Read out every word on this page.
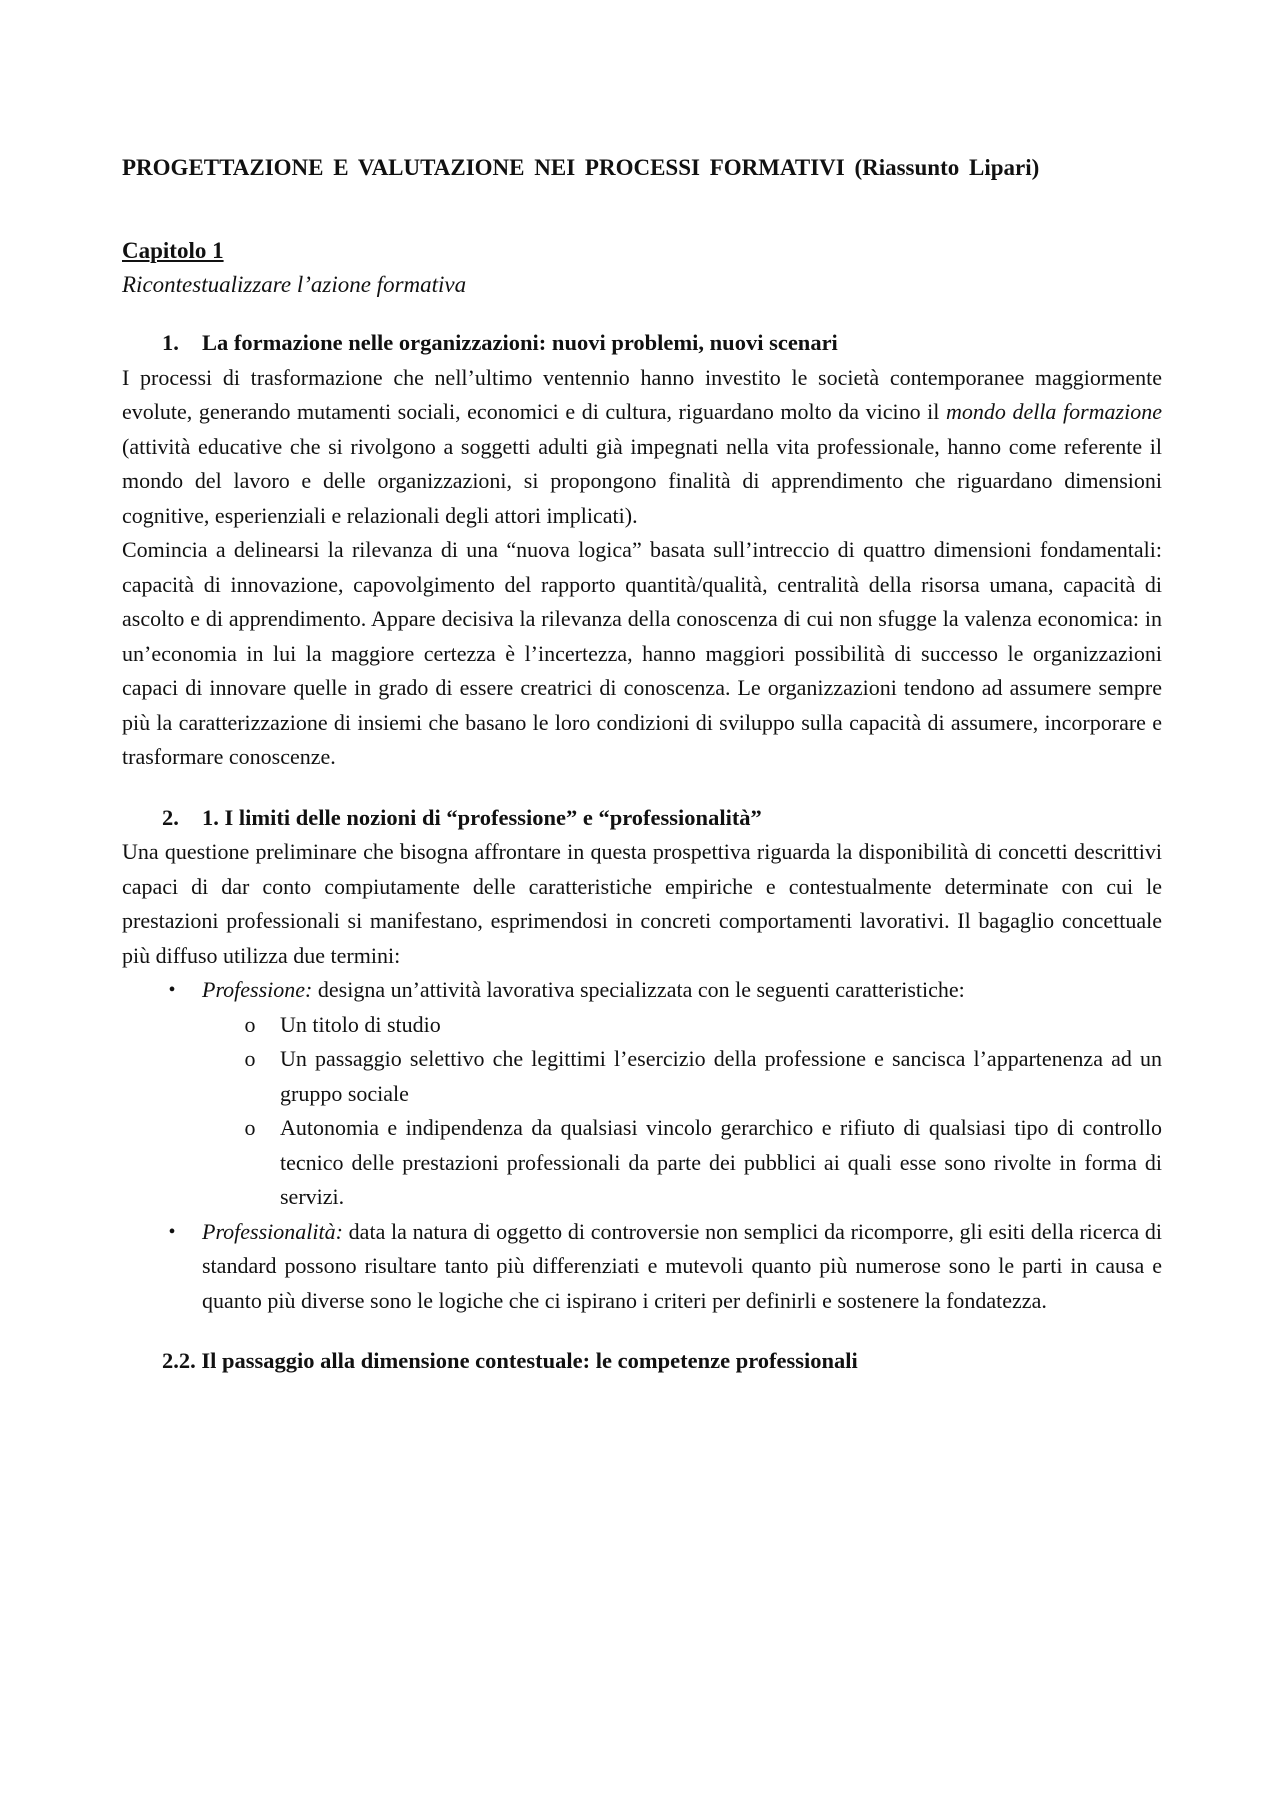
PROGETTAZIONE E VALUTAZIONE NEI PROCESSI FORMATIVI (Riassunto Lipari)

Capitolo 1

Ricontestualizzare l’azione formativa

1.	La formazione nelle organizzazioni: nuovi problemi, nuovi scenari

I processi di trasformazione che nell’ultimo ventennio hanno investito le società contemporanee maggiormente evolute, generando mutamenti sociali, economici e di cultura, riguardano molto da vicino il mondo della formazione (attività educative che si rivolgono a soggetti adulti già impegnati nella vita professionale, hanno come referente il mondo del lavoro e delle organizzazioni, si propongono finalità di apprendimento che riguardano dimensioni cognitive, esperienziali e relazionali degli attori implicati).

Comincia a delinearsi la rilevanza di una “nuova logica” basata sull’intreccio di quattro dimensioni fondamentali: capacità di innovazione, capovolgimento del rapporto quantità/qualità, centralità della risorsa umana, capacità di ascolto e di apprendimento. Appare decisiva la rilevanza della conoscenza di cui non sfugge la valenza economica: in un’economia in lui la maggiore certezza è l’incertezza, hanno maggiori possibilità di successo le organizzazioni capaci di innovare quelle in grado di essere creatrici di conoscenza. Le organizzazioni tendono ad assumere sempre più la caratterizzazione di insiemi che basano le loro condizioni di sviluppo sulla capacità di assumere, incorporare e trasformare conoscenze.

2.	1. I limiti delle nozioni di “professione” e “professionalità”

Una questione preliminare che bisogna affrontare in questa prospettiva riguarda la disponibilità di concetti descrittivi capaci di dar conto compiutamente delle caratteristiche empiriche e contestualmente determinate con cui le prestazioni professionali si manifestano, esprimendosi in concreti comportamenti lavorativi. Il bagaglio concettuale più diffuso utilizza due termini:

• Professione: designa un’attività lavorativa specializzata con le seguenti caratteristiche:
o Un titolo di studio
o Un passaggio selettivo che legittimi l’esercizio della professione e sancisca l’appartenenza ad un gruppo sociale
o Autonomia e indipendenza da qualsiasi vincolo gerarchico e rifiuto di qualsiasi tipo di controllo tecnico delle prestazioni professionali da parte dei pubblici ai quali esse sono rivolte in forma di servizi.
• Professionalità: data la natura di oggetto di controversie non semplici da ricomporre, gli esiti della ricerca di standard possono risultare tanto più differenziati e mutevoli quanto più numerose sono le parti in causa e quanto più diverse sono le logiche che ci ispirano i criteri per definirli e sostenere la fondatezza.
2.2. Il passaggio alla dimensione contestuale: le competenze professionali
